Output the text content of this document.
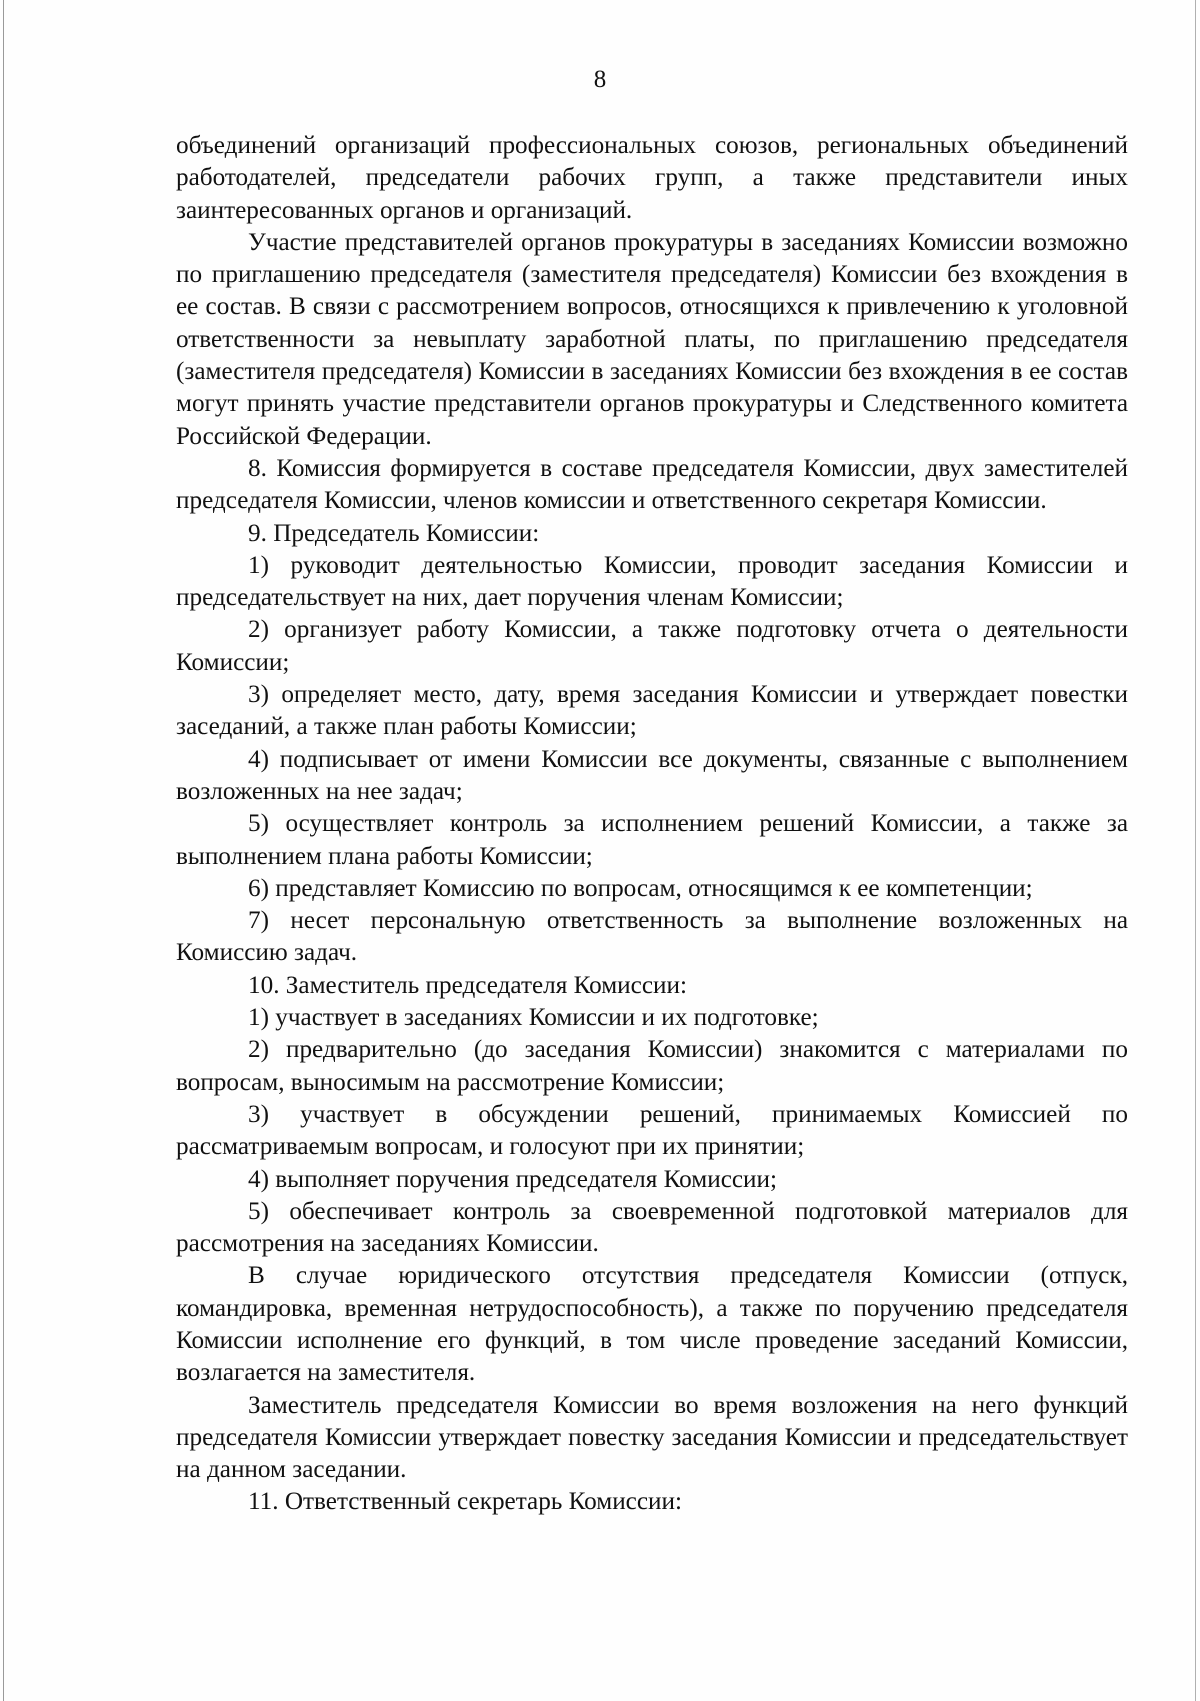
8

объединений организаций профессиональных союзов, региональных объединений работодателей, председатели рабочих групп, а также представители иных заинтересованных органов и организаций.

Участие представителей органов прокуратуры в заседаниях Комиссии возможно по приглашению председателя (заместителя председателя) Комиссии без вхождения в ее состав. В связи с рассмотрением вопросов, относящихся к привлечению к уголовной ответственности за невыплату заработной платы, по приглашению председателя (заместителя председателя) Комиссии в заседаниях Комиссии без вхождения в ее состав могут принять участие представители органов прокуратуры и Следственного комитета Российской Федерации.

8. Комиссия формируется в составе председателя Комиссии, двух заместителей председателя Комиссии, членов комиссии и ответственного секретаря Комиссии.

9. Председатель Комиссии:

1) руководит деятельностью Комиссии, проводит заседания Комиссии и председательствует на них, дает поручения членам Комиссии;

2) организует работу Комиссии, а также подготовку отчета о деятельности Комиссии;

3) определяет место, дату, время заседания Комиссии и утверждает повестки заседаний, а также план работы Комиссии;

4) подписывает от имени Комиссии все документы, связанные с выполнением возложенных на нее задач;

5) осуществляет контроль за исполнением решений Комиссии, а также за выполнением плана работы Комиссии;

6) представляет Комиссию по вопросам, относящимся к ее компетенции;

7) несет персональную ответственность за выполнение возложенных на Комиссию задач.

10. Заместитель председателя Комиссии:

1) участвует в заседаниях Комиссии и их подготовке;

2) предварительно (до заседания Комиссии) знакомится с материалами по вопросам, выносимым на рассмотрение Комиссии;

3) участвует в обсуждении решений, принимаемых Комиссией по рассматриваемым вопросам, и голосуют при их принятии;

4) выполняет поручения председателя Комиссии;

5) обеспечивает контроль за своевременной подготовкой материалов для рассмотрения на заседаниях Комиссии.

В случае юридического отсутствия председателя Комиссии (отпуск, командировка, временная нетрудоспособность), а также по поручению председателя Комиссии исполнение его функций, в том числе проведение заседаний Комиссии, возлагается на заместителя.

Заместитель председателя Комиссии во время возложения на него функций председателя Комиссии утверждает повестку заседания Комиссии и председательствует на данном заседании.

11. Ответственный секретарь Комиссии:
